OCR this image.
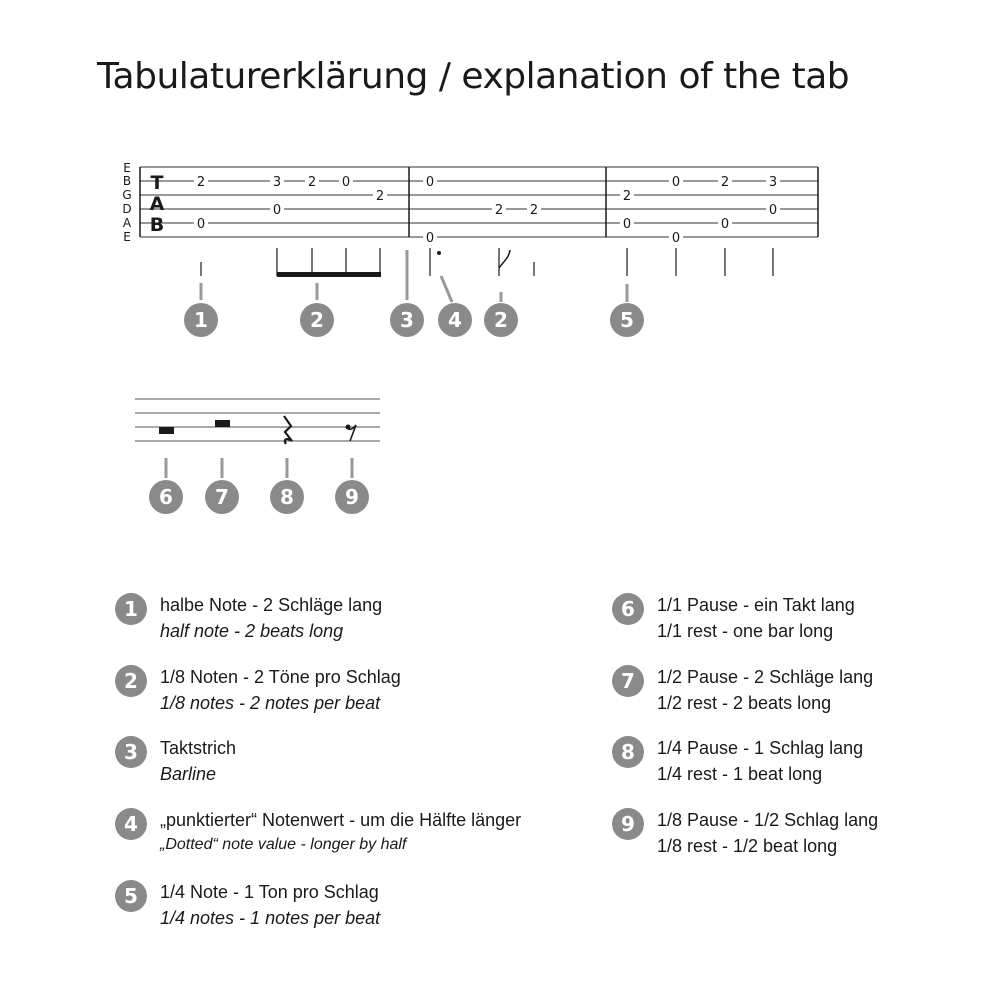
Tabulaturerklärung / explanation of the tab
E
B
G
D
A
E
T
A
B
2
0
3
0
2 0
2
0
0
2 2
2
0
0
0
2
0
3
0
1	2	3 4 2	5
6 7	8	9
1	halbe Note - 2 Schläge lang
half note - 2 beats long
2	1/8 Noten - 2 Töne pro Schlag
1/8 notes - 2 notes per beat
3	Taktstrich
Barline
4	„punktierter“ Notenwert - um die Hälfte länger
„Dotted“ note value - longer by half
5	1/4 Note - 1 Ton pro Schlag
1/4 notes - 1 notes per beat
6	1/1 Pause - ein Takt lang
1/1 rest - one bar long
7	1/2 Pause - 2 Schläge lang
1/2 rest - 2 beats long
8	1/4 Pause - 1 Schlag lang
1/4 rest - 1 beat long
9	1/8 Pause - 1/2 Schlag lang
1/8 rest - 1/2 beat long
